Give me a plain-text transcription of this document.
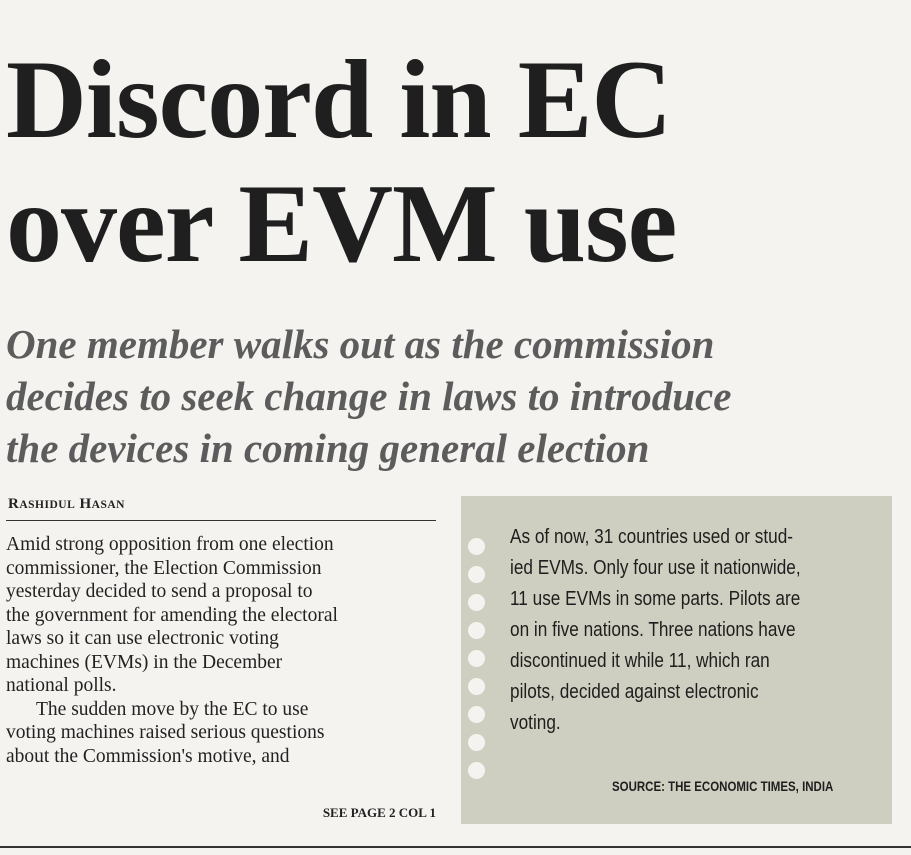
Discord in EC
over EVM use
One member walks out as the commission
decides to seek change in laws to introduce
the devices in coming general election
RASHIDUL HASAN

Amid strong opposition from one election
commissioner, the Election Commission
yesterday decided to send a proposal to
the government for amending the electoral
laws so it can use electronic voting
machines (EVMs) in the December
national polls.

The sudden move by the EC to use
voting machines raised serious questions
about the Commission's motive, and

SEE PAGE 2 COL 1
As of now, 31 countries used or stud-
ied EVMs. Only four use it nationwide,
11 use EVMs in some parts. Pilots are
on in five nations. Three nations have
discontinued it while 11, which ran
pilots, decided against electronic
voting.
SOURCE: THE ECONOMIC TIMES, INDIA
